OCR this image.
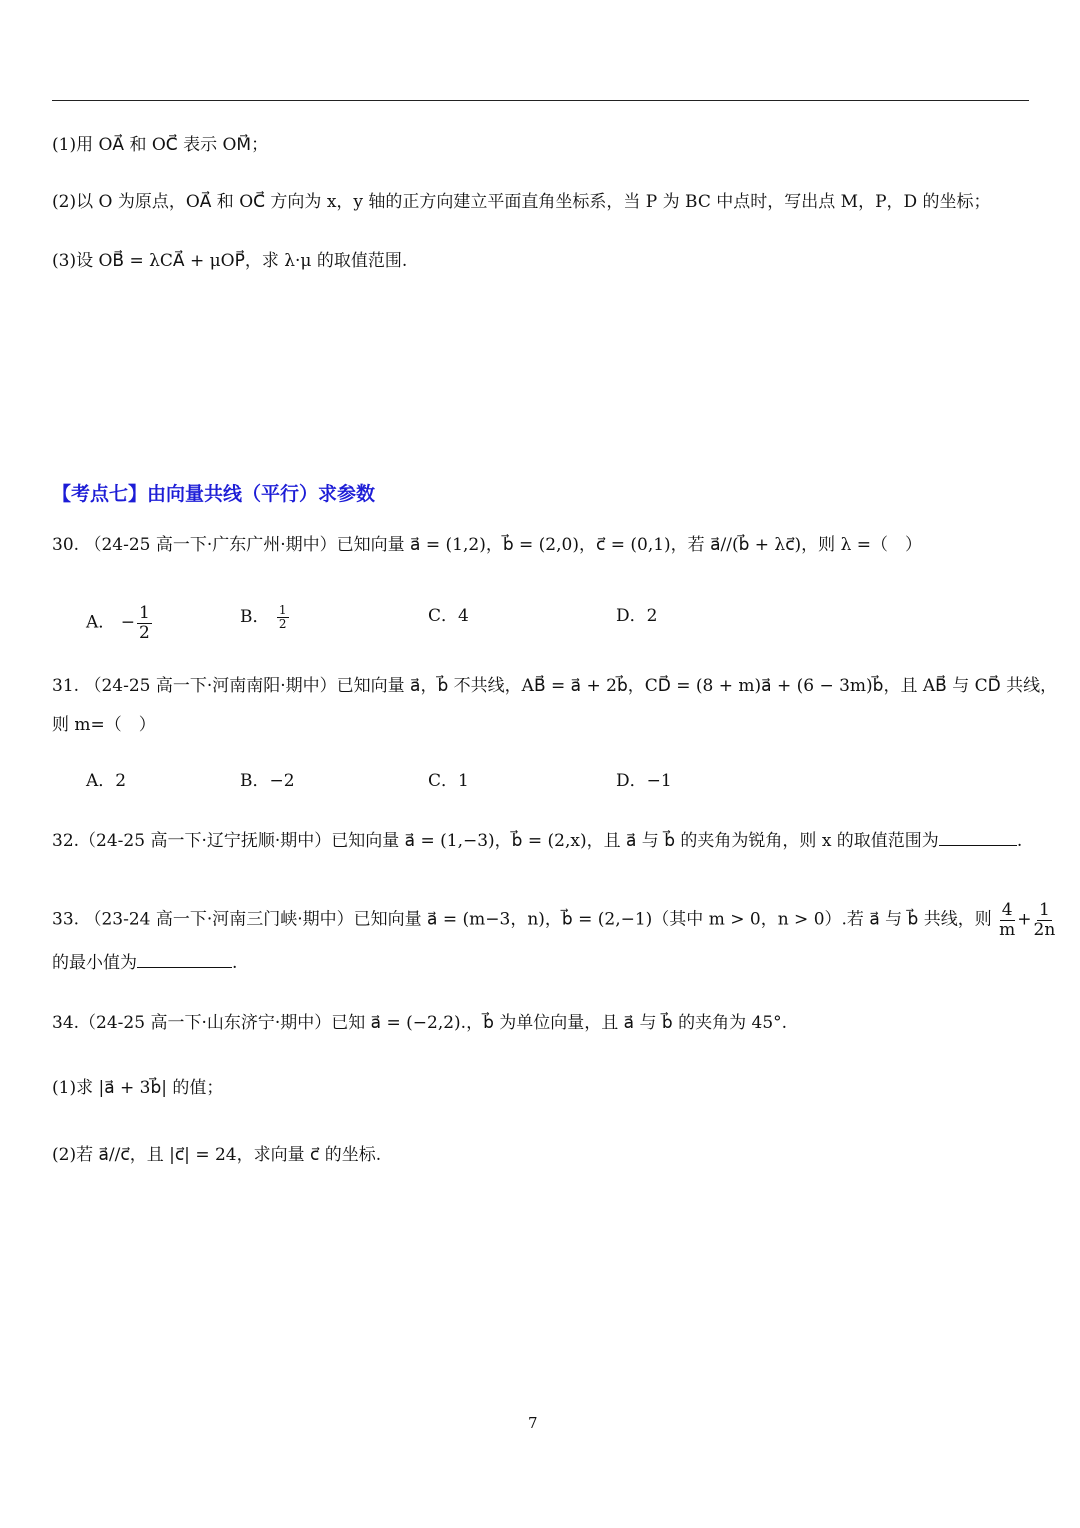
(1)用 OA⃗ 和 OC⃗ 表示 OM⃗；
(2)以 O 为原点，OA⃗ 和 OC⃗ 方向为 x，y 轴的正方向建立平面直角坐标系，当 P 为 BC 中点时，写出点 M，P，D 的坐标；
(3)设 OB⃗ = λCA⃗ + μOP⃗，求 λ·μ 的取值范围.
【考点七】由向量共线（平行）求参数
30. （24-25 高一下·广东广州·期中）已知向量 a⃗ = (1,2)，b⃗ = (2,0)，c⃗ = (0,1)，若 a⃗//(b⃗ + λc⃗)，则 λ =（　）
A． − $\frac{1}{2}$	B． $\frac{1}{2}$	C．4	D．2
31. （24-25 高一下·河南南阳·期中）已知向量 a⃗，b⃗ 不共线，AB⃗ = a⃗ + 2b⃗，CD⃗ = (8 + m)a⃗ + (6 − 3m)b⃗，且 AB⃗ 与 CD⃗ 共线，
则 m=（　）
A．2	B．−2	C．1	D．−1
32.（24-25 高一下·辽宁抚顺·期中）已知向量 a⃗ = (1,−3)，b⃗ = (2,x)，且 a⃗ 与 b⃗ 的夹角为锐角，则 x 的取值范围为	.
33. （23-24 高一下·河南三门峡·期中）已知向量 a⃗ = (m−3，n)，b⃗ = (2,−1)（其中 m > 0，n > 0）.若 a⃗ 与 b⃗ 共线，则 $\frac{4}{m} + \frac{1}{2n}$
的最小值为	.
34.（24-25 高一下·山东济宁·期中）已知 a⃗ = (−2,2).，b⃗ 为单位向量，且 a⃗ 与 b⃗ 的夹角为 45°.
(1)求 |a⃗ + 3b⃗| 的值；
(2)若 a⃗//c⃗，且 |c⃗| = 24，求向量 c⃗ 的坐标.
7
